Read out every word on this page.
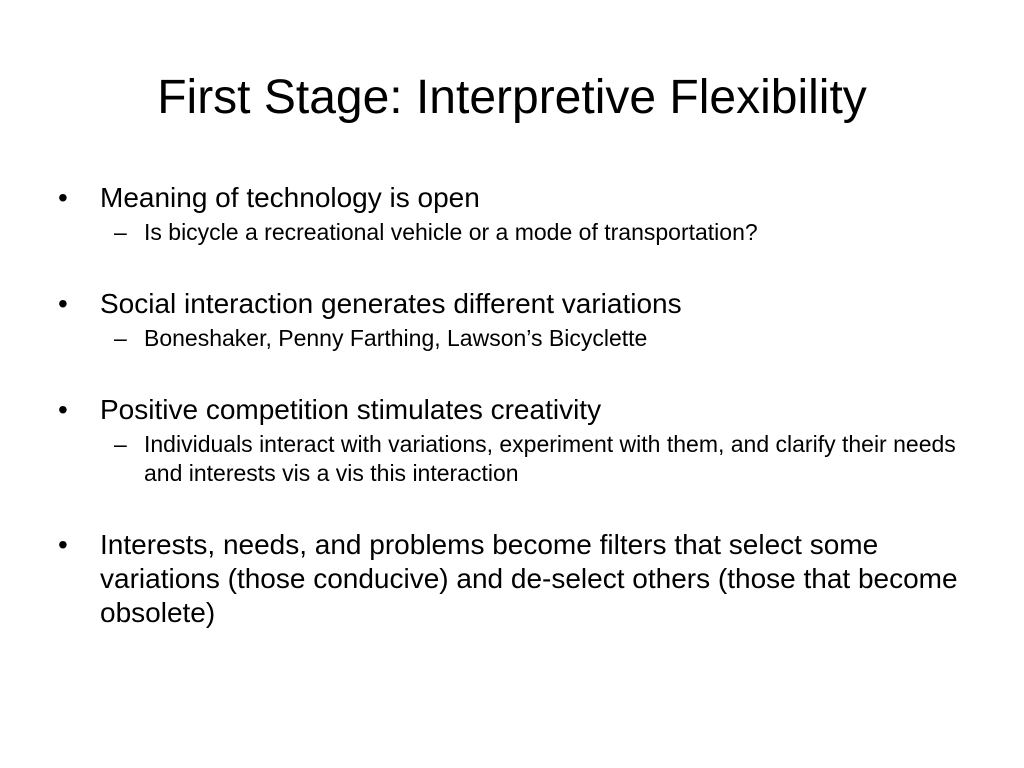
First Stage: Interpretive Flexibility
•	Meaning of technology is open
– Is bicycle a recreational vehicle or a mode of transportation?
•	Social interaction generates different variations
– Boneshaker, Penny Farthing, Lawson’s Bicyclette
•	Positive competition stimulates creativity
– Individuals interact with variations, experiment with them, and clarify their needs and interests vis a vis this interaction
•	Interests, needs, and problems become filters that select some variations (those conducive) and de-select others (those that become obsolete)
